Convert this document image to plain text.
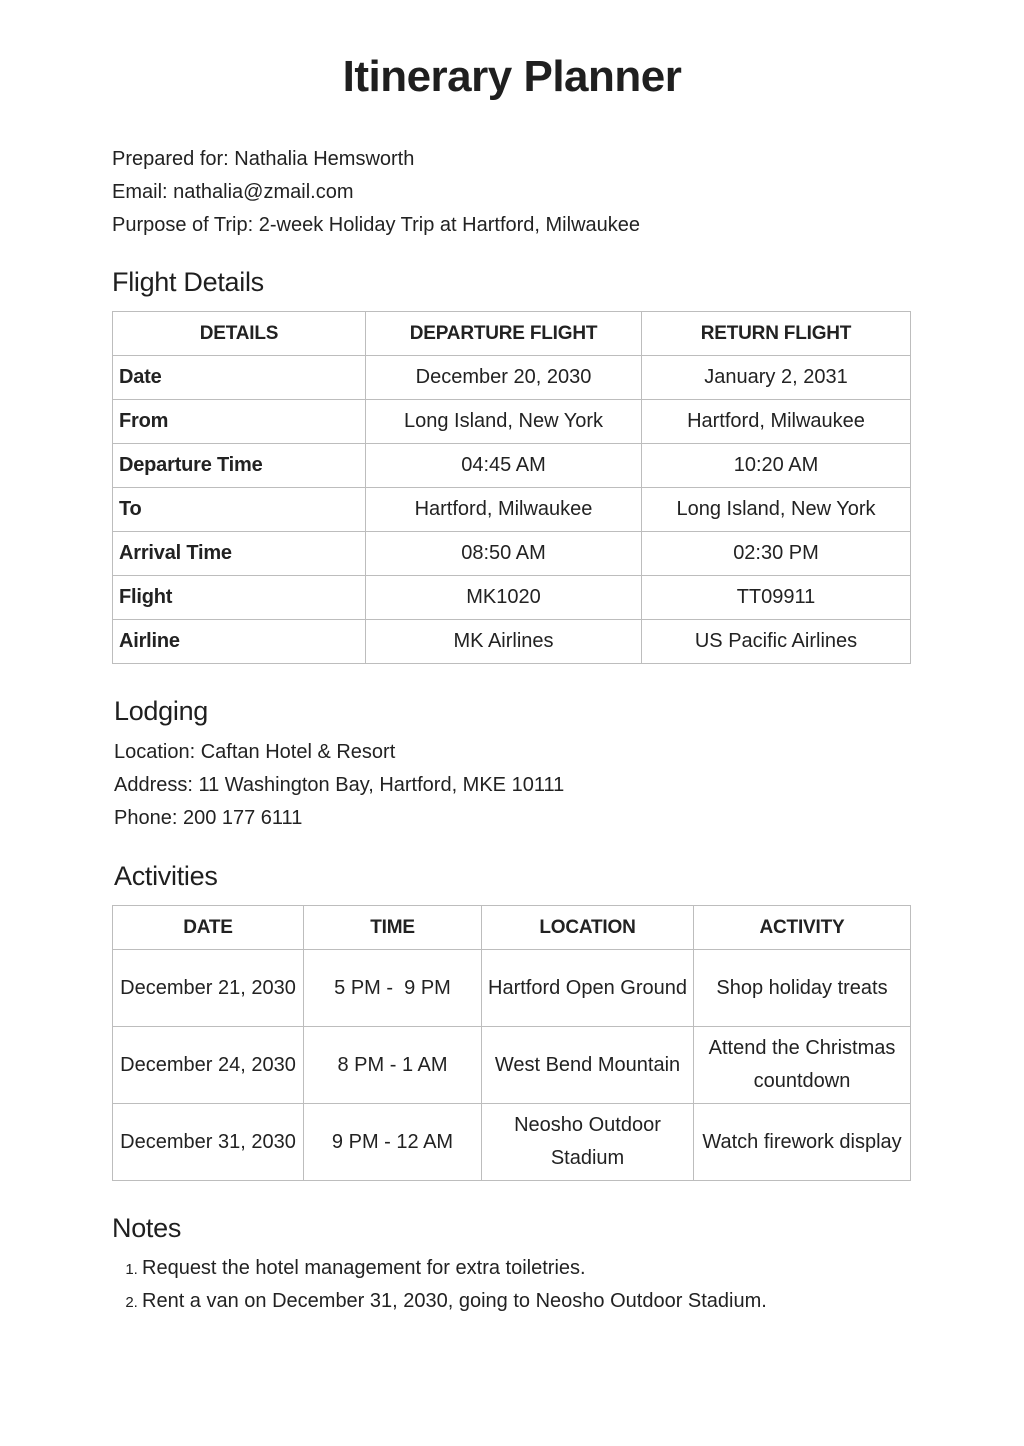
Itinerary Planner
Prepared for: Nathalia Hemsworth
Email: nathalia@zmail.com
Purpose of Trip: 2-week Holiday Trip at Hartford, Milwaukee
Flight Details
DETAILS	DEPARTURE FLIGHT	RETURN FLIGHT
Date	December 20, 2030	January 2, 2031
From	Long Island, New York	Hartford, Milwaukee
Departure Time	04:45 AM	10:20 AM
To	Hartford, Milwaukee	Long Island, New York
Arrival Time	08:50 AM	02:30 PM
Flight	MK1020	TT09911
Airline	MK Airlines	US Pacific Airlines
Lodging
Location: Caftan Hotel & Resort
Address: 11 Washington Bay, Hartford, MKE 10111
Phone: 200 177 6111
Activities
DATE	TIME	LOCATION	ACTIVITY
December 21, 2030	5 PM -  9 PM	Hartford Open Ground	Shop holiday treats
December 24, 2030	8 PM - 1 AM	West Bend Mountain	Attend the Christmas countdown
December 31, 2030	9 PM - 12 AM	Neosho Outdoor Stadium	Watch firework display
Notes
1. Request the hotel management for extra toiletries.
2. Rent a van on December 31, 2030, going to Neosho Outdoor Stadium.
